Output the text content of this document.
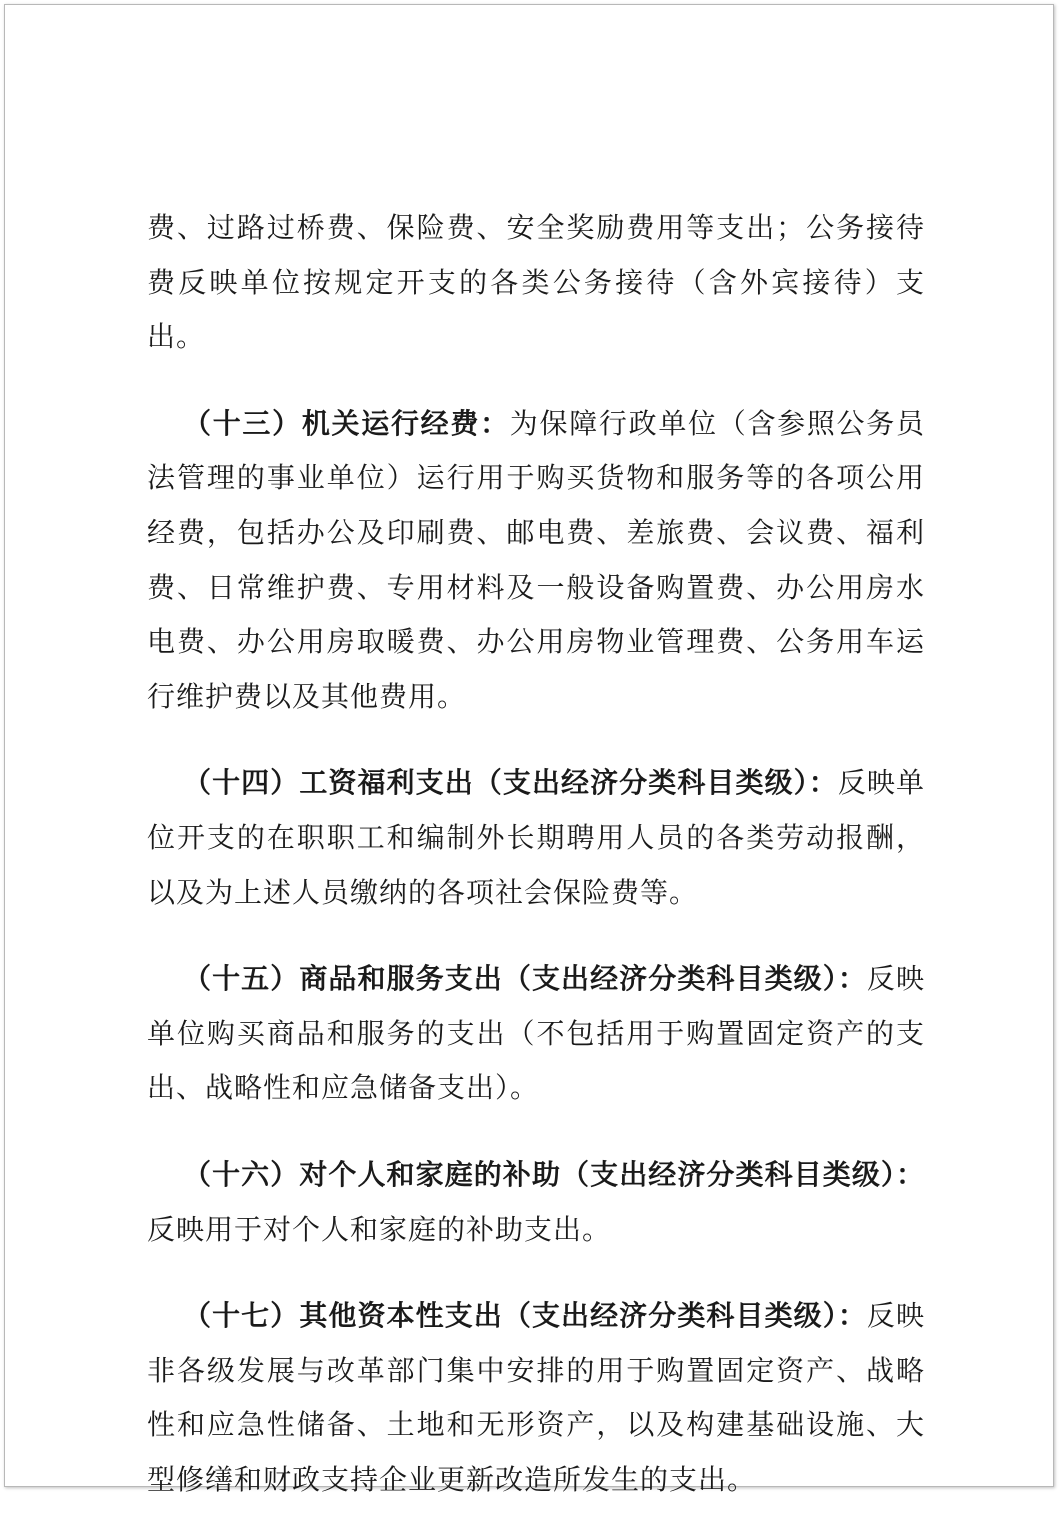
费、过路过桥费、保险费、安全奖励费用等支出；公务接待费反映单位按规定开支的各类公务接待（含外宾接待）支出。

（十三）机关运行经费：为保障行政单位（含参照公务员法管理的事业单位）运行用于购买货物和服务等的各项公用经费，包括办公及印刷费、邮电费、差旅费、会议费、福利费、日常维护费、专用材料及一般设备购置费、办公用房水电费、办公用房取暖费、办公用房物业管理费、公务用车运行维护费以及其他费用。

（十四）工资福利支出（支出经济分类科目类级）：反映单位开支的在职职工和编制外长期聘用人员的各类劳动报酬，以及为上述人员缴纳的各项社会保险费等。

（十五）商品和服务支出（支出经济分类科目类级）：反映单位购买商品和服务的支出（不包括用于购置固定资产的支出、战略性和应急储备支出）。

（十六）对个人和家庭的补助（支出经济分类科目类级）：反映用于对个人和家庭的补助支出。

（十七）其他资本性支出（支出经济分类科目类级）：反映非各级发展与改革部门集中安排的用于购置固定资产、战略性和应急性储备、土地和无形资产，以及构建基础设施、大型修缮和财政支持企业更新改造所发生的支出。
